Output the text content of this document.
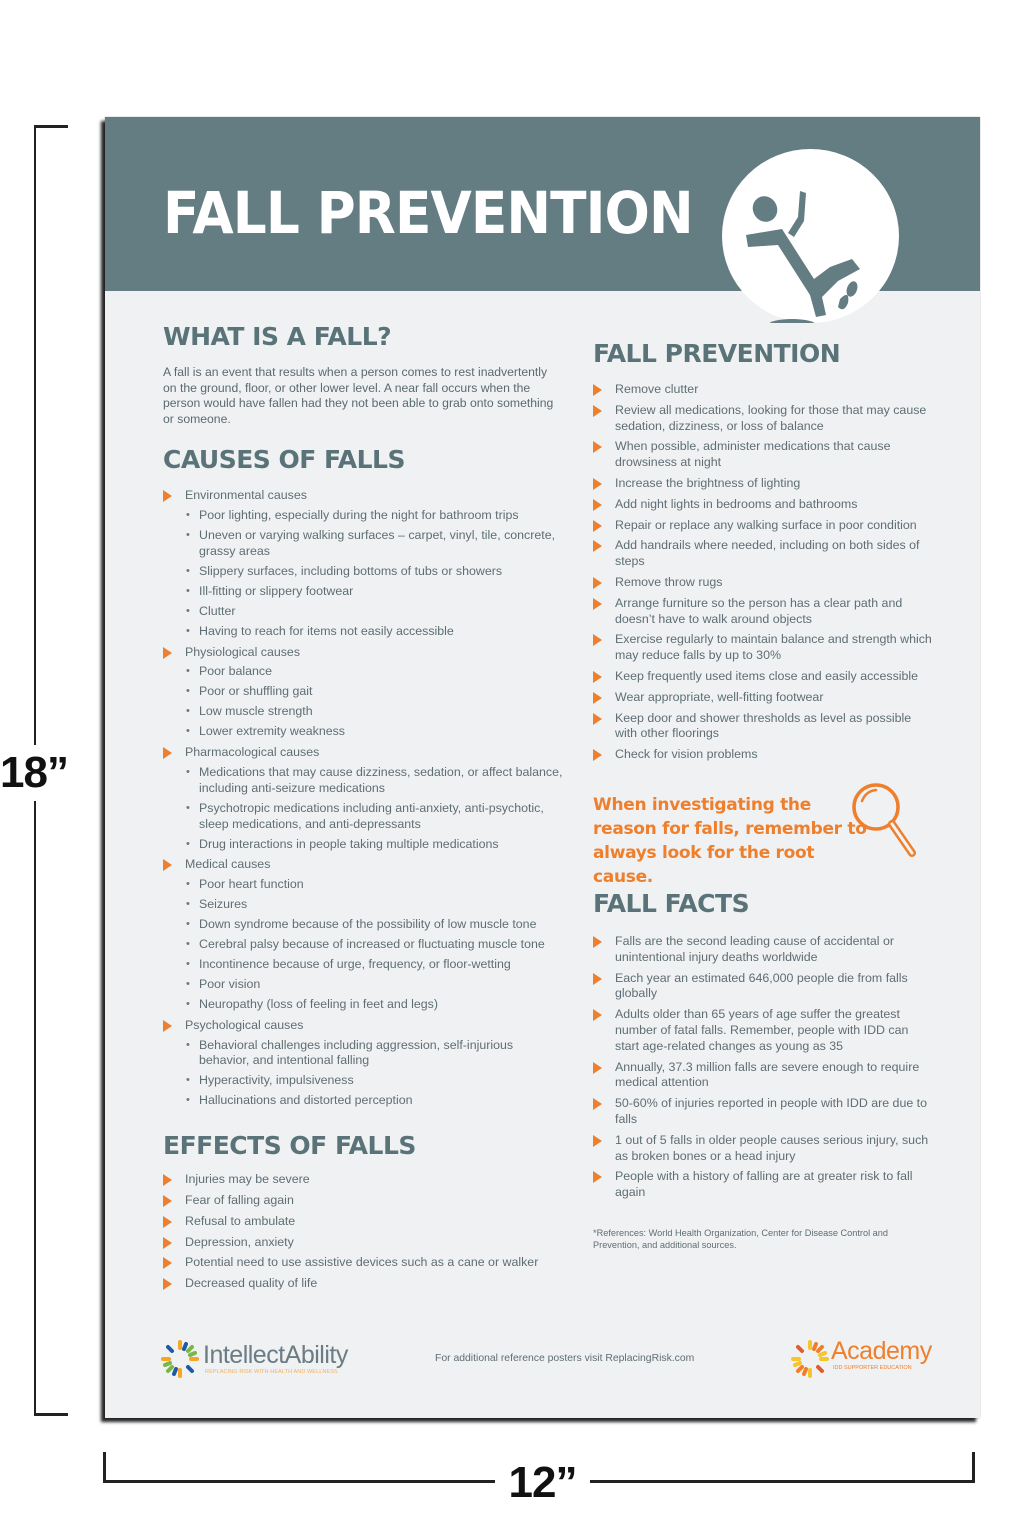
18”
12”
FALL PREVENTION
WHAT IS A FALL?

A fall is an event that results when a person comes to rest inadvertently on the ground, floor, or other lower level. A near fall occurs when the person would have fallen had they not been able to grab onto something or someone.

CAUSES OF FALLS
Environmental causes
• Poor lighting, especially during the night for bathroom trips
• Uneven or varying walking surfaces – carpet, vinyl, tile, concrete, grassy areas
• Slippery surfaces, including bottoms of tubs or showers
• Ill-fitting or slippery footwear
• Clutter
• Having to reach for items not easily accessible
Physiological causes
• Poor balance
• Poor or shuffling gait
• Low muscle strength
• Lower extremity weakness
Pharmacological causes
• Medications that may cause dizziness, sedation, or affect balance, including anti-seizure medications
• Psychotropic medications including anti-anxiety, anti-psychotic, sleep medications, and anti-depressants
• Drug interactions in people taking multiple medications
Medical causes
• Poor heart function
• Seizures
• Down syndrome because of the possibility of low muscle tone
• Cerebral palsy because of increased or fluctuating muscle tone
• Incontinence because of urge, frequency, or floor-wetting
• Poor vision
• Neuropathy (loss of feeling in feet and legs)
Psychological causes
• Behavioral challenges including aggression, self-injurious behavior, and intentional falling
• Hyperactivity, impulsiveness
• Hallucinations and distorted perception
EFFECTS OF FALLS
Injuries may be severe
Fear of falling again
Refusal to ambulate
Depression, anxiety
Potential need to use assistive devices such as a cane or walker
Decreased quality of life
FALL PREVENTION
Remove clutter
Review all medications, looking for those that may cause sedation, dizziness, or loss of balance
When possible, administer medications that cause drowsiness at night
Increase the brightness of lighting
Add night lights in bedrooms and bathrooms
Repair or replace any walking surface in poor condition
Add handrails where needed, including on both sides of steps
Remove throw rugs
Arrange furniture so the person has a clear path and doesn’t have to walk around objects
Exercise regularly to maintain balance and strength which may reduce falls by up to 30%
Keep frequently used items close and easily accessible
Wear appropriate, well-fitting footwear
Keep door and shower thresholds as level as possible with other floorings
Check for vision problems
When investigating the reason for falls, remember to always look for the root cause.
FALL FACTS
Falls are the second leading cause of accidental or unintentional injury deaths worldwide
Each year an estimated 646,000 people die from falls globally
Adults older than 65 years of age suffer the greatest number of fatal falls. Remember, people with IDD can start age-related changes as young as 35
Annually, 37.3 million falls are severe enough to require medical attention
50-60% of injuries reported in people with IDD are due to falls
1 out of 5 falls in older people causes serious injury, such as broken bones or a head injury
People with a history of falling are at greater risk to fall again
*References: World Health Organization, Center for Disease Control and Prevention, and additional sources.
IntellectAbility
REPLACING RISK WITH HEALTH AND WELLNESS
For additional reference posters visit ReplacingRisk.com	Academy
IDD SUPPORTER EDUCATION
